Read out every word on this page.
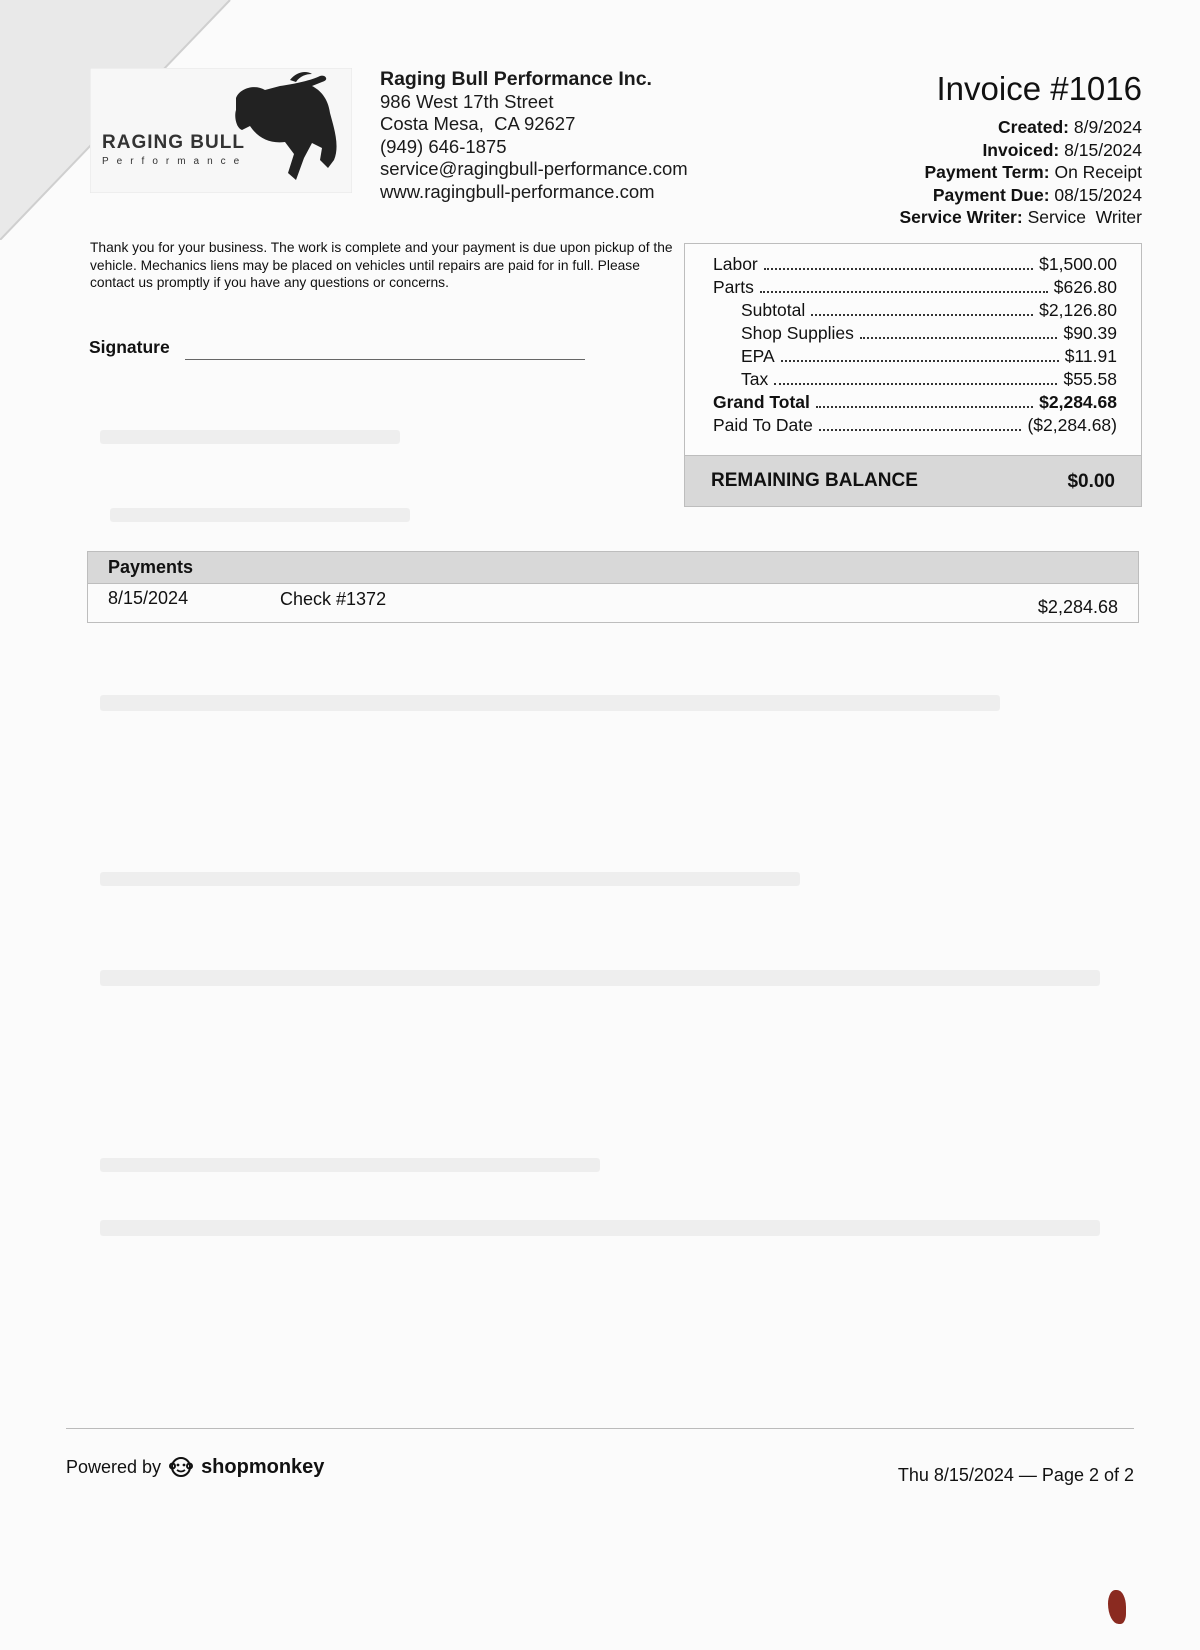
RAGING BULL
Performance
Raging Bull Performance Inc.
986 West 17th Street
Costa Mesa,  CA 92627
(949) 646-1875
service@ragingbull-performance.com
www.ragingbull-performance.com
Invoice #1016
Created: 8/9/2024
Invoiced: 8/15/2024
Payment Term: On Receipt
Payment Due: 08/15/2024
Service Writer: Service  Writer
Thank you for your business. The work is complete and your payment is due upon pickup of the vehicle. Mechanics liens may be placed on vehicles until repairs are paid for in full. Please contact us promptly if you have any questions or concerns.
Signature
Labor	$1,500.00
Parts	$626.80
Subtotal	$2,126.80
Shop Supplies	$90.39
EPA	$11.91
Tax	$55.58
Grand Total	$2,284.68
Paid To Date	($2,284.68)
REMAINING BALANCE	$0.00
Payments
8/15/2024	Check #1372	$2,284.68
Powered by shopmonkey	Thu 8/15/2024 — Page 2 of 2
